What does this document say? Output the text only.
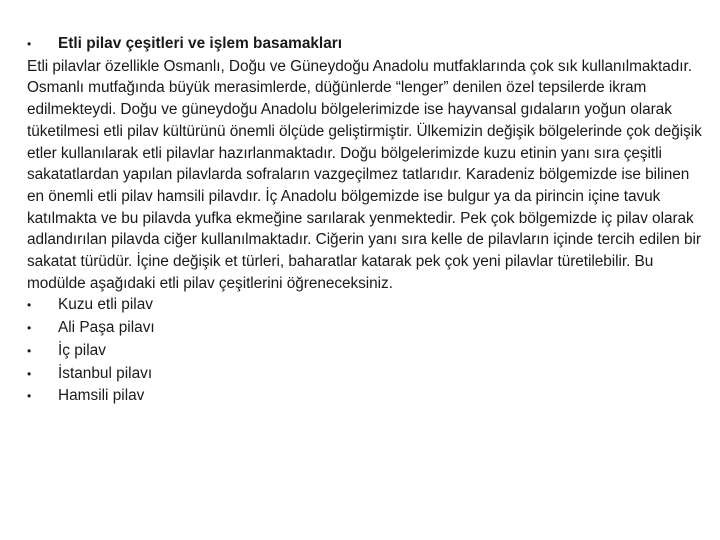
•	Etli pilav çeşitleri ve işlem basamakları

Etli pilavlar özellikle Osmanlı, Doğu ve Güneydoğu Anadolu mutfaklarında çok sık kullanılmaktadır. Osmanlı mutfağında büyük merasimlerde, düğünlerde “lenger” denilen özel tepsilerde ikram edilmekteydi. Doğu ve güneydoğu Anadolu bölgelerimizde ise hayvansal gıdaların yoğun olarak tüketilmesi etli pilav kültürünü önemli ölçüde geliştirmiştir. Ülkemizin değişik bölgelerinde çok değişik etler kullanılarak etli pilavlar hazırlanmaktadır. Doğu bölgelerimizde kuzu etinin yanı sıra çeşitli sakatatlardan yapılan pilavlarda sofraların vazgeçilmez tatlarıdır. Karadeniz bölgemizde ise bilinen en önemli etli pilav hamsili pilavdır. İç Anadolu bölgemizde ise bulgur ya da pirincin içine tavuk katılmakta ve bu pilavda yufka ekmeğine sarılarak yenmektedir. Pek çok bölgemizde iç pilav olarak adlandırılan pilavda ciğer kullanılmaktadır. Ciğerin yanı sıra kelle de pilavların içinde tercih edilen bir sakatat türüdür. İçine değişik et türleri, baharatlar katarak pek çok yeni pilavlar türetilebilir. Bu modülde aşağıdaki etli pilav çeşitlerini öğreneceksiniz.

•	Kuzu etli pilav
•	Ali Paşa pilavı
•	İç pilav
•	İstanbul pilavı
•	Hamsili pilav
